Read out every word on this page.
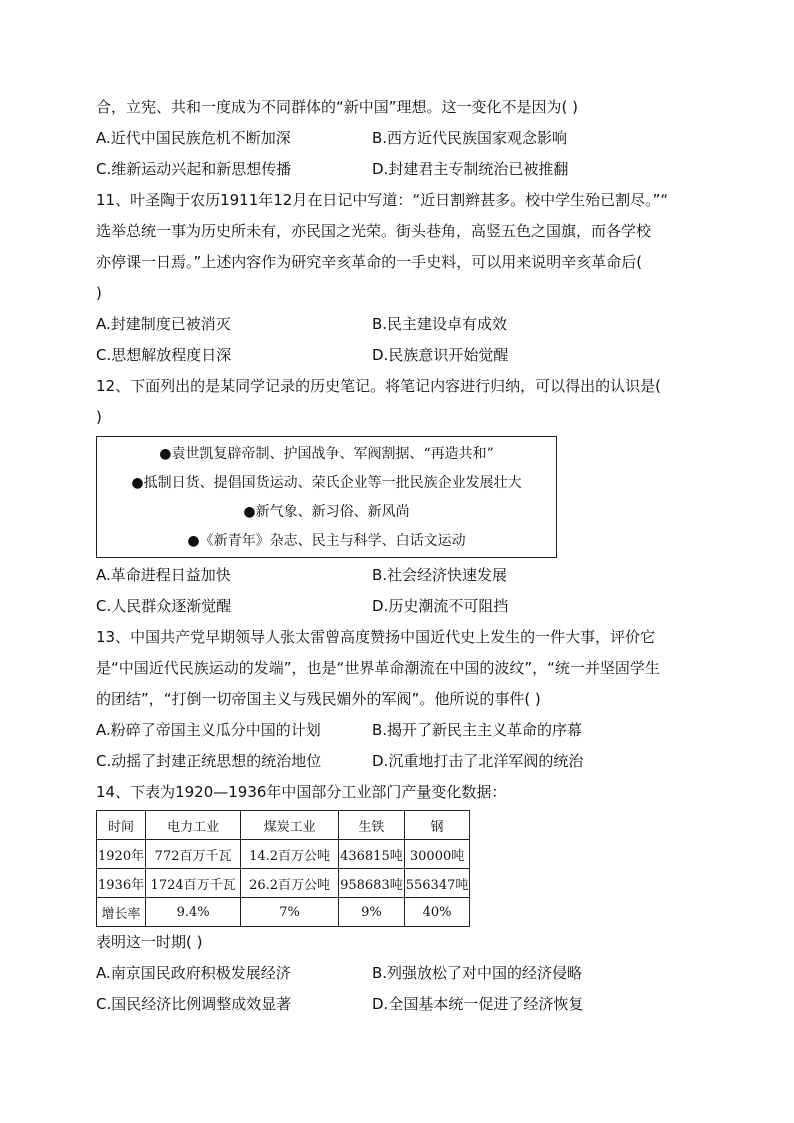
合，立宪、共和一度成为不同群体的“新中国”理想。这一变化不是因为( )
A.近代中国民族危机不断加深	B.西方近代民族国家观念影响
C.维新运动兴起和新思想传播	D.封建君主专制统治已被推翻
11、叶圣陶于农历1911年12月在日记中写道：“近日割辫甚多。校中学生殆已割尽。”“
选举总统一事为历史所未有，亦民国之光荣。街头巷角，高竖五色之国旗，而各学校
亦停课一日焉。”上述内容作为研究辛亥革命的一手史料，可以用来说明辛亥革命后(
)
A.封建制度已被消灭	B.民主建设卓有成效
C.思想解放程度日深	D.民族意识开始觉醒
12、下面列出的是某同学记录的历史笔记。将笔记内容进行归纳，可以得出的认识是(
)
●袁世凯复辟帝制、护国战争、军阀割据、“再造共和”
●抵制日货、提倡国货运动、荣氏企业等一批民族企业发展壮大
●新气象、新习俗、新风尚
●《新青年》杂志、民主与科学、白话文运动
A.革命进程日益加快	B.社会经济快速发展
C.人民群众逐渐觉醒	D.历史潮流不可阻挡
13、中国共产党早期领导人张太雷曾高度赞扬中国近代史上发生的一件大事，评价它
是“中国近代民族运动的发端”，也是“世界革命潮流在中国的波纹”，“统一并坚固学生
的团结”，“打倒一切帝国主义与残民媚外的军阀”。他所说的事件( )
A.粉碎了帝国主义瓜分中国的计划	B.揭开了新民主主义革命的序幕
C.动摇了封建正统思想的统治地位	D.沉重地打击了北洋军阀的统治
14、下表为1920—1936年中国部分工业部门产量变化数据：
时间	电力工业	煤炭工业	生铁	钢
1920年	772百万千瓦	14.2百万公吨	436815吨	30000吨
1936年	1724百万千瓦	26.2百万公吨	958683吨	556347吨
增长率	9.4%	7%	9%	40%
表明这一时期( )
A.南京国民政府积极发展经济	B.列强放松了对中国的经济侵略
C.国民经济比例调整成效显著	D.全国基本统一促进了经济恢复
